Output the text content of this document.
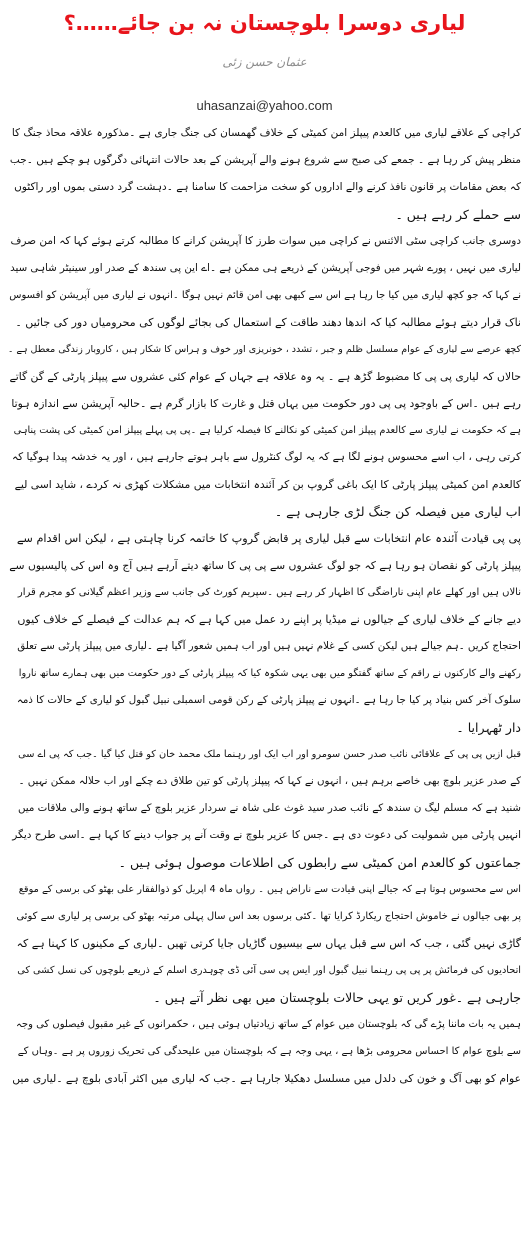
لیاری دوسرا بلوچستان نہ بن جائے……؟
عثمان حسن زئی
uhasanzai@yahoo.com
کراچی کے علاقے لیاری میں کالعدم پیپلز امن کمیٹی کے خلاف گھمسان کی جنگ جاری ہے ۔مذکورہ علاقہ محاذ جنگ کا
منظر پیش کر رہا ہے ۔ جمعے کی صبح سے شروع ہونے والے آپریشن کے بعد حالات انتہائی دگرگوں ہو چکے ہیں ۔جب
کہ بعض مقامات پر قانون نافذ کرنے والے اداروں کو سخت مزاحمت کا سامنا ہے ۔دہشت گرد دستی بموں اور راکٹوں
سے حملے کر رہے ہیں ۔
دوسری جانب کراچی سٹی الائنس نے کراچی میں سوات طرز کا آپریشن کرانے کا مطالبہ کرتے ہوئے کہا کہ امن صرف
لیاری میں نہیں ، پورے شہر میں فوجی آپریشن کے ذریعے ہی ممکن ہے ۔اے این پی سندھ کے صدر اور سینیٹر شاہی سید
نے کہا کہ جو کچھ لیاری میں کیا جا رہا ہے اس سے کبھی بھی امن قائم نہیں ہوگا ۔انہوں نے لیاری میں آپریشن کو افسوس
ناک قرار دیتے ہوئے مطالبہ کیا کہ اندھا دھند طاقت کے استعمال کی بجائے لوگوں کی محرومیاں دور کی جائیں ۔
کچھ عرصے سے لیاری کے عوام مسلسل ظلم و جبر ، تشدد ، خونریزی اور خوف و ہراس کا شکار ہیں ، کاروبار زندگی معطل ہے ۔
حالاں کہ لیاری پی پی کا مضبوط گڑھ ہے ۔ یہ وہ علاقہ ہے جہاں کے عوام کئی عشروں سے پیپلز پارٹی کے گن گاتے
رہے ہیں ۔اس کے باوجود پی پی دور حکومت میں یہاں قتل و غارت کا بازار گرم ہے ۔حالیہ آپریشن سے اندازہ ہوتا
ہے کہ حکومت نے لیاری سے کالعدم پیپلز امن کمیٹی کو نکالنے کا فیصلہ کرلیا ہے ۔پی پی پہلے پیپلز امن کمیٹی کی پشت پناہی
کرتی رہی ، اب اسے محسوس ہونے لگا ہے کہ یہ لوگ کنٹرول سے باہر ہوتے جارہے ہیں ، اور یہ خدشہ پیدا ہوگیا کہ
کالعدم امن کمیٹی پیپلز پارٹی کا ایک باغی گروپ بن کر آئندہ انتخابات میں مشکلات کھڑی نہ کردے ، شاید اسی لیے
اب لیاری میں فیصلہ کن جنگ لڑی جارہی ہے ۔
پی پی قیادت آئندہ عام انتخابات سے قبل لیاری پر قابض گروپ کا خاتمہ کرنا چاہتی ہے ، لیکن اس اقدام سے
پیپلز پارٹی کو نقصان ہو رہا ہے کہ جو لوگ عشروں سے پی پی کا ساتھ دیتے آرہے ہیں آج وہ اس کی پالیسیوں سے
نالاں ہیں اور کھلے عام اپنی ناراضگی کا اظہار کر رہے ہیں ۔سپریم کورٹ کی جانب سے وزیر اعظم گیلانی کو مجرم قرار
دیے جانے کے خلاف لیاری کے جیالوں نے میڈیا پر اپنے رد عمل میں کہا ہے کہ ہم عدالت کے فیصلے کے خلاف کیوں
احتجاج کریں ۔ہم جیالے ہیں لیکن کسی کے غلام نہیں ہیں اور اب ہمیں شعور آگیا ہے ۔لیاری میں پیپلز پارٹی سے تعلق
رکھنے والے کارکنوں نے راقم کے ساتھ گفتگو میں بھی یہی شکوہ کیا کہ پیپلز پارٹی کے دور حکومت میں بھی ہمارے ساتھ ناروا
سلوک آخر کس بنیاد پر کیا جا رہا ہے ۔انہوں نے پیپلز پارٹی کے رکن قومی اسمبلی نبیل گبول کو لیاری کے حالات کا ذمہ
دار ٹھہرایا ۔
قبل ازیں پی پی کے علاقائی نائب صدر حسن سومرو اور اب ایک اور رہنما ملک محمد خان کو قتل کیا گیا ۔جب کہ پی اے سی
کے صدر عزیر بلوچ بھی خاصے برہم ہیں ، انہوں نے کہا کہ پیپلز پارٹی کو تین طلاق دے چکے اور اب حلالہ ممکن نہیں ۔
شنید ہے کہ مسلم لیگ ن سندھ کے نائب صدر سید غوث علی شاہ نے سردار عزیر بلوچ کے ساتھ ہونے والی ملاقات میں
انہیں پارٹی میں شمولیت کی دعوت دی ہے ۔جس کا عزیر بلوچ نے وقت آنے پر جواب دینے کا کہا ہے ۔اسی طرح دیگر
جماعتوں کو کالعدم امن کمیٹی سے رابطوں کی اطلاعات موصول ہوئی ہیں ۔
اس سے محسوس ہوتا ہے کہ جیالے اپنی قیادت سے ناراض ہیں ۔ رواں ماہ 4 اپریل کو ذوالفقار علی بھٹو کی برسی کے موقع
پر بھی جیالوں نے خاموش احتجاج ریکارڈ کرایا تھا ۔کئی برسوں بعد اس سال پہلی مرتبہ بھٹو کی برسی پر لیاری سے کوئی
گاڑی نہیں گئی ، جب کہ اس سے قبل یہاں سے بیسیوں گاڑیاں جایا کرتی تھیں ۔لیاری کے مکینوں کا کہنا ہے کہ
اتحادیوں کی فرمائش پر پی پی رہنما نبیل گبول اور ایس پی سی آئی ڈی چوہدری اسلم کے ذریعے بلوچوں کی نسل کشی کی
جارہی ہے ۔غور کریں تو یہی حالات بلوچستان میں بھی نظر آتے ہیں ۔
ہمیں یہ بات ماننا پڑے گی کہ بلوچستان میں عوام کے ساتھ زیادتیاں ہوئی ہیں ، حکمرانوں کے غیر مقبول فیصلوں کی وجہ
سے بلوچ عوام کا احساس محرومی بڑھا ہے ، یہی وجہ ہے کہ بلوچستان میں علیحدگی کی تحریک زوروں پر ہے ۔وہاں کے
عوام کو بھی آگ و خون کی دلدل میں مسلسل دھکیلا جارہا ہے ۔جب کہ لیاری میں اکثر آبادی بلوچ ہے ۔لیاری میں
